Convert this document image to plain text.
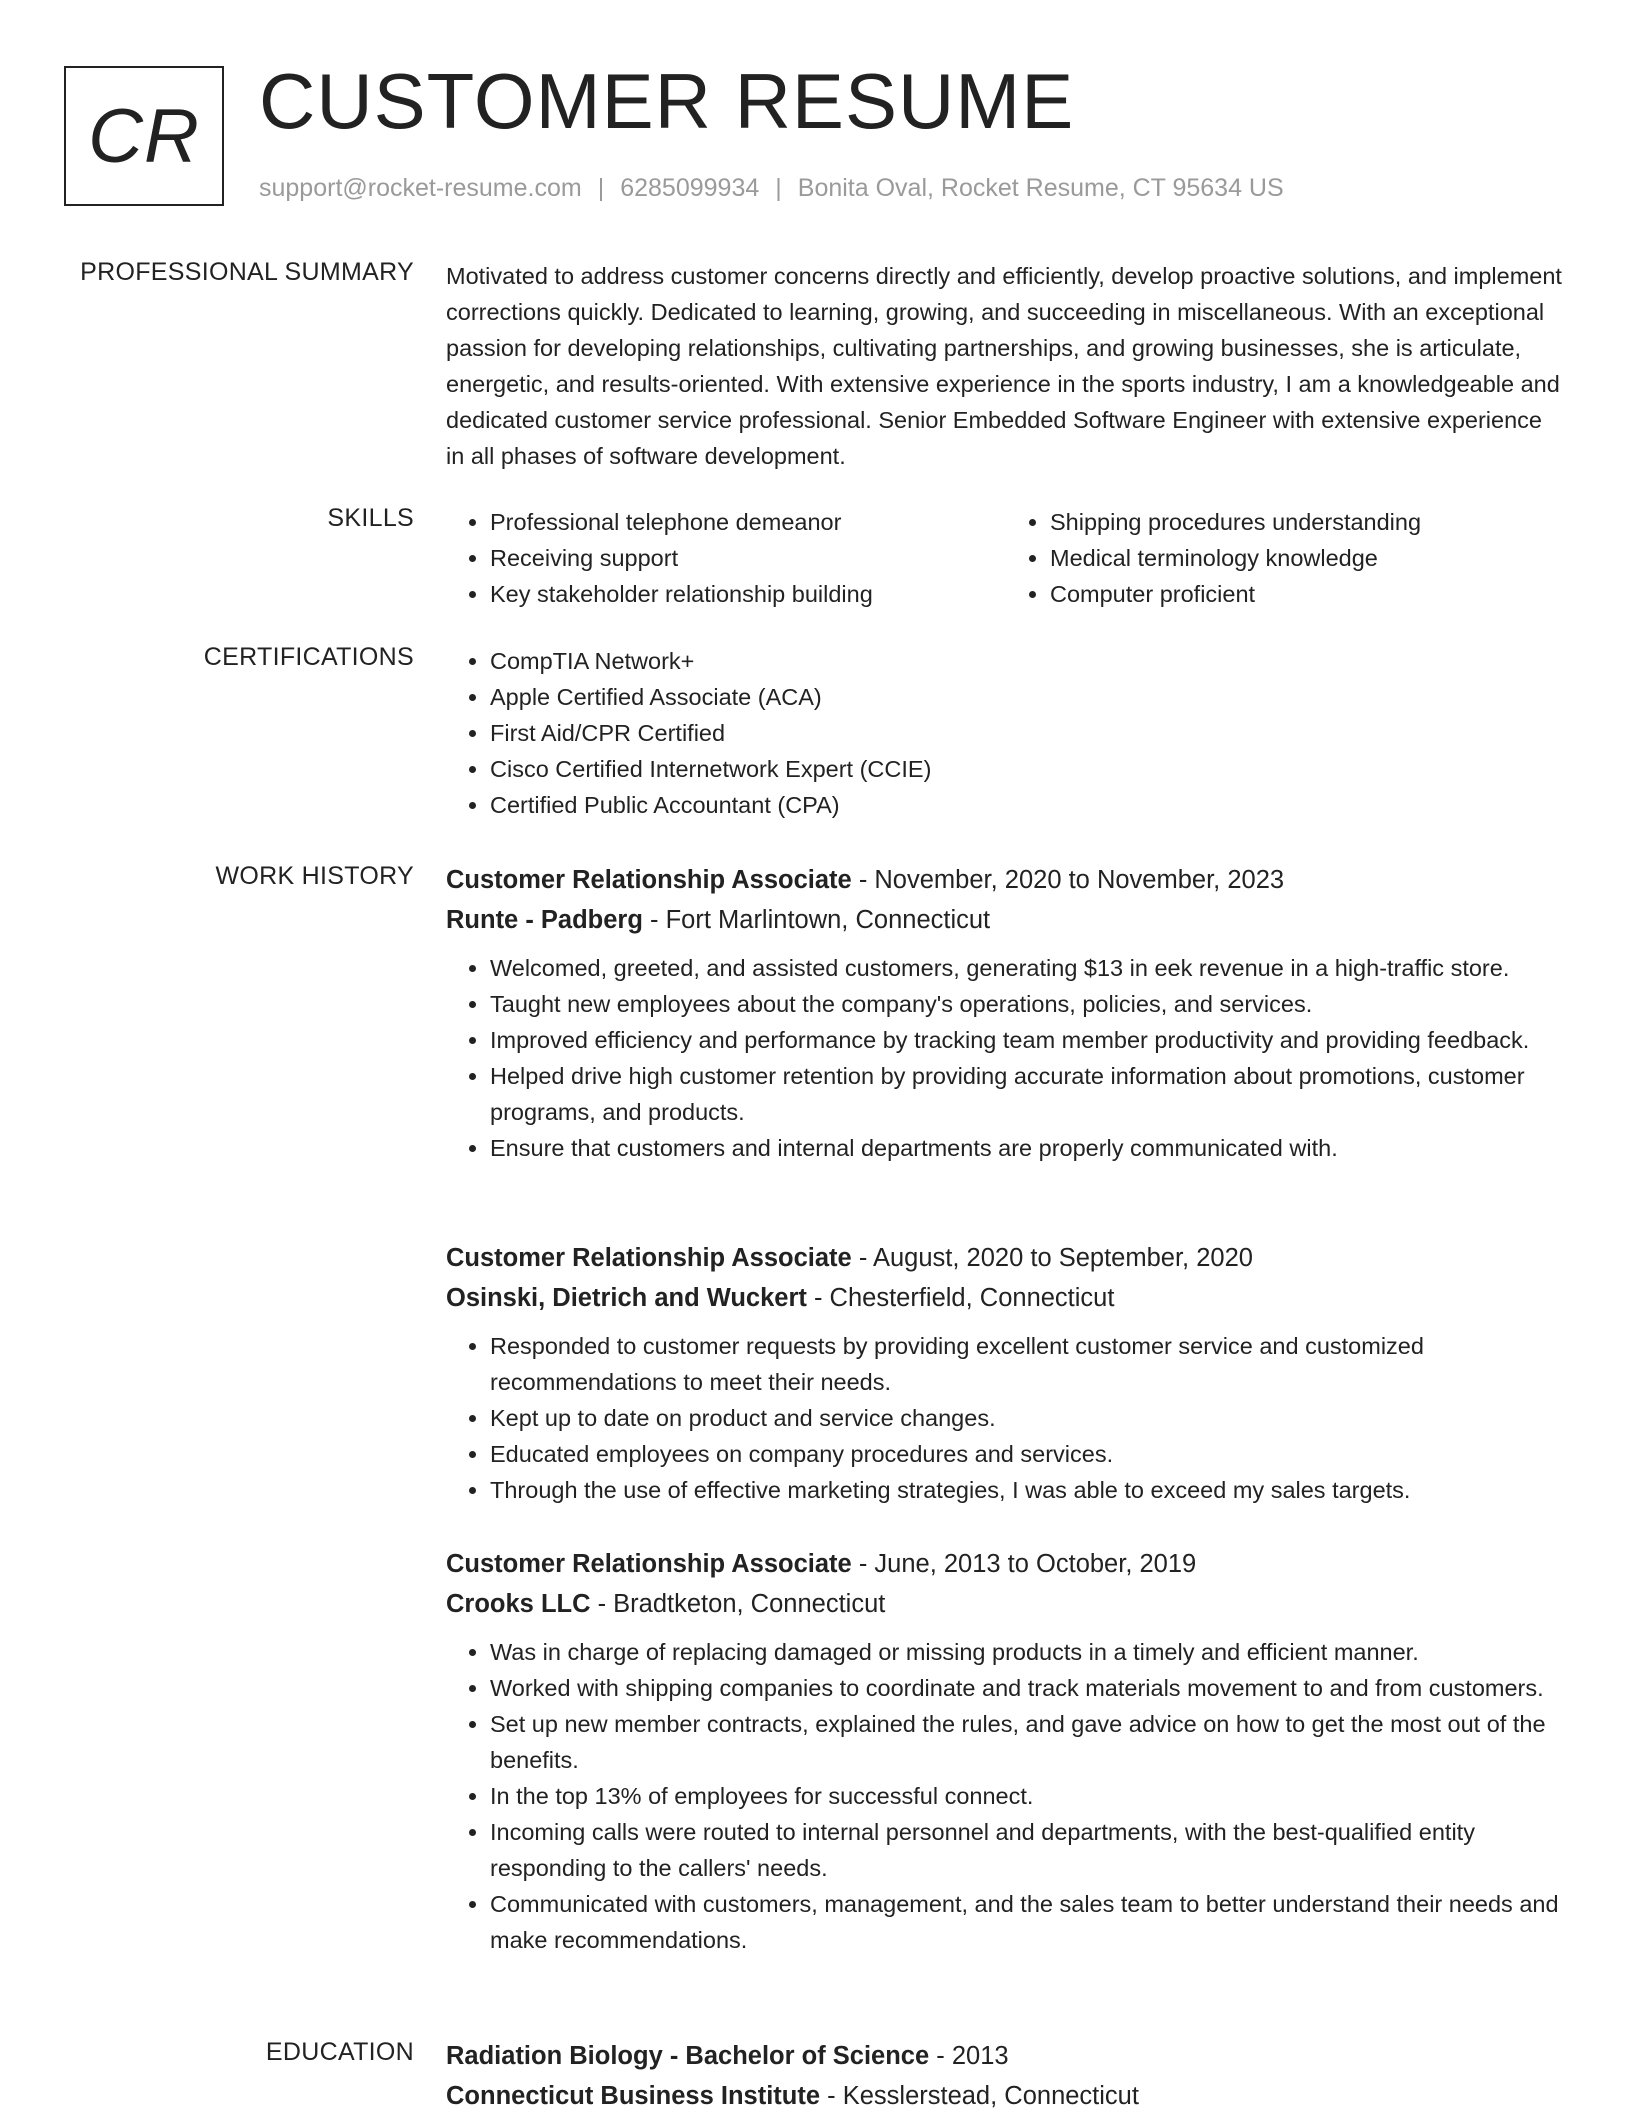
CR CUSTOMER RESUME
support@rocket-resume.com | 6285099934 | Bonita Oval, Rocket Resume, CT 95634 US
PROFESSIONAL SUMMARY Motivated to address customer concerns directly and efficiently, develop proactive solutions, and implement corrections quickly. Dedicated to learning, growing, and succeeding in miscellaneous. With an exceptional passion for developing relationships, cultivating partnerships, and growing businesses, she is articulate, energetic, and results-oriented. With extensive experience in the sports industry, I am a knowledgeable and dedicated customer service professional. Senior Embedded Software Engineer with extensive experience in all phases of software development.

SKILLS	• Professional telephone demeanor
• Receiving support
• Key stakeholder relationship building
• Shipping procedures understanding
• Medical terminology knowledge
• Computer proficient
CERTIFICATIONS	• CompTIA Network+
• Apple Certified Associate (ACA)
• First Aid/CPR Certified
• Cisco Certified Internetwork Expert (CCIE)
• Certified Public Accountant (CPA)
WORK HISTORY Customer Relationship Associate - November, 2020 to November, 2023
Runte - Padberg - Fort Marlintown, Connecticut
• Welcomed, greeted, and assisted customers, generating $13 in eek revenue in a high-traffic store.
• Taught new employees about the company's operations, policies, and services.
• Improved efficiency and performance by tracking team member productivity and providing feedback.
• Helped drive high customer retention by providing accurate information about promotions, customer programs, and products.
• Ensure that customers and internal departments are properly communicated with.
Customer Relationship Associate - August, 2020 to September, 2020
Osinski, Dietrich and Wuckert - Chesterfield, Connecticut
• Responded to customer requests by providing excellent customer service and customized recommendations to meet their needs.
• Kept up to date on product and service changes.
• Educated employees on company procedures and services.
• Through the use of effective marketing strategies, I was able to exceed my sales targets.
Customer Relationship Associate - June, 2013 to October, 2019
Crooks LLC - Bradtketon, Connecticut
• Was in charge of replacing damaged or missing products in a timely and efficient manner.
• Worked with shipping companies to coordinate and track materials movement to and from customers.
• Set up new member contracts, explained the rules, and gave advice on how to get the most out of the benefits.
• In the top 13% of employees for successful connect.
• Incoming calls were routed to internal personnel and departments, with the best-qualified entity responding to the callers' needs.
• Communicated with customers, management, and the sales team to better understand their needs and make recommendations.
EDUCATION Radiation Biology - Bachelor of Science - 2013
Connecticut Business Institute - Kesslerstead, Connecticut
